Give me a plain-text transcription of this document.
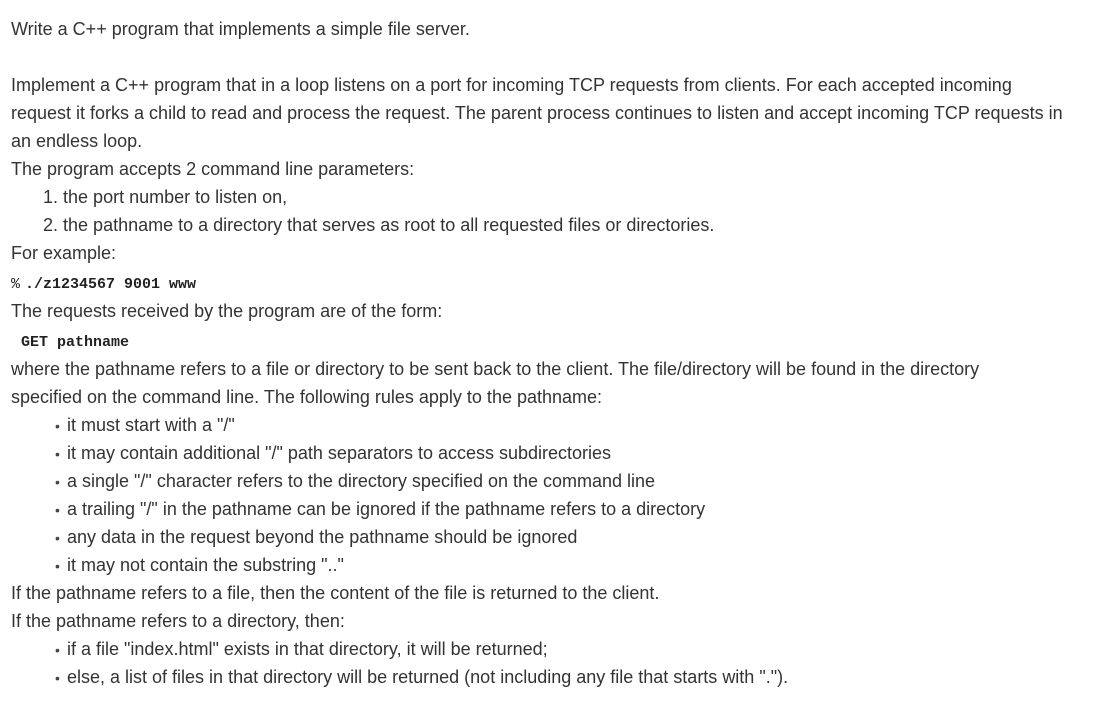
Write a C++ program that implements a simple file server.
Implement a C++ program that in a loop listens on a port for incoming TCP requests from clients. For each accepted incoming
request it forks a child to read and process the request. The parent process continues to listen and accept incoming TCP requests in
an endless loop.
The program accepts 2 command line parameters:
1. the port number to listen on,
2. the pathname to a directory that serves as root to all requested files or directories.
For example:
% ./z1234567 9001 www
The requests received by the program are of the form:
GET pathname
where the pathname refers to a file or directory to be sent back to the client. The file/directory will be found in the directory
specified on the command line. The following rules apply to the pathname:
• it must start with a "/"
• it may contain additional "/" path separators to access subdirectories
• a single "/" character refers to the directory specified on the command line
• a trailing "/" in the pathname can be ignored if the pathname refers to a directory
• any data in the request beyond the pathname should be ignored
• it may not contain the substring ".."
If the pathname refers to a file, then the content of the file is returned to the client.
If the pathname refers to a directory, then:
• if a file "index.html" exists in that directory, it will be returned;
• else, a list of files in that directory will be returned (not including any file that starts with ".").
